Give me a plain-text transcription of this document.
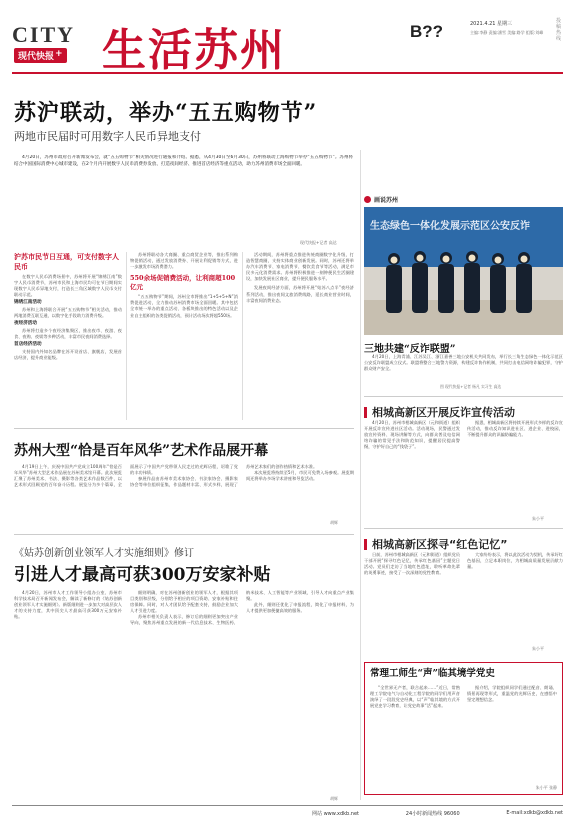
CITY
现代快报 + 生活苏州	B??	2021.4.21 星期三
主编:李静 责编:潘雪 美编:路学 组版:刘峰
投稿热线
苏沪联动，举办“五五购物节”
两地市民届时可用数字人民币异地支付

4月20日，苏州市政府召开新闻发布会，就“五五购物节”相关情况进行通报和介绍。据悉，从4月30日至6月30日，苏州将联动上海购物节举办“五五购物节”。苏州将结合中国国际消费中心城市建设，在2个月内开展数字人民币消费券发放、打造夜间经济、推进首店经济等重点活动，助力苏州消费市场全面回暖。

现代快报+记者 高达
沪苏市民节日互通，可支付数字人民币

在数字人民币消费场景中，苏州将开展“锦绣江南”数字人民币消费节，苏州市民和上海市民均可在节日期间实现数字人民币异地支付，打造长三角区域数字人民币支付联动示范。

锦绣江南活动

苏州和上海将联合开展“五五购物节”相关活动，推动两地消费互联互通，以数字化手段助力消费升级。

夜经济活动

苏州将打造多个夜经济集聚区，推出夜市、夜游、夜食、夜购、夜娱等多种活动，丰富市民夜间消费选择。

首店经济活动

支持国内外知名品牌在苏开设首店、旗舰店，发展首店经济，提升商业能级。

苏州将联动各大商圈、重点商贸企业等，推出系列购物促销活动，通过发放消费券、开展让利促销等方式，进一步激发市场消费潜力。

550余场促销费活动，让利商超100亿元

“五五购物节”期间，苏州全市将推出“1+5+5+N”消费促进活动，全力推动苏州消费市场全面回暖。其中包括全市统一举办的重点活动、各板块推出的特色活动以及企业自主组织的各类促销活动，预计活动场次将超550场。

活动期间，苏州将重点推进传统商圈数字化升级，打造智慧商圈，支持实体商业创新发展。同时，苏州还将举办汽车消费节、家电消费节、餐饮美食节等活动，满足市民多元化消费需求。苏州将积极推进一刻钟便民生活圈建设，加快发展社区商业，提升便民服务水平。

发展夜间经济方面，苏州将开展“姑苏八点半”夜经济系列活动，推出夜间文旅消费线路，延长商业营业时间，丰富夜间消费业态。

苏州大型“恰是百年风华”艺术作品展开幕

4月19日上午，庆祝中国共产党成立100周年“恰是百年风华”苏州大型艺术作品展在苏州美术馆开幕。此次展览汇聚了苏州美术、书法、摄影等各类艺术作品数百件，以艺术形式回顾党的百年奋斗历程。展览分为多个篇章，全面展示了中国共产党带领人民走过的光辉历程，讴歌了党的丰功伟绩。

参展作品由苏州市美术家协会、书法家协会、摄影家协会等单位组织征集，作品题材丰富、形式多样，展现了苏州艺术家们的创作热情和艺术水准。

本次展览将持续至5月，市民可免费入场参观。展览期间还将举办多场学术讲座和导览活动。

胡辉
《姑苏创新创业领军人才实施细则》修订
引进人才最高可获300万安家补贴

4月20日，苏州市人才工作领导小组办公室、苏州市科学技术局召开新闻发布会，解读了新修订的《姑苏创新创业领军人才实施细则》。新版细则进一步加大对高层次人才的支持力度，其中顶尖人才最高可获300万元安家补贴。

细则明确，对在苏州创新创业的领军人才，根据其项目类别和层级，分别给予相应的项目资助、安家补贴和住房保障。同时，对人才团队给予配套支持，鼓励企业加大人才引进力度。

苏州市相关负责人表示，修订后的细则更加突出产业导向，聚焦苏州重点发展的新一代信息技术、生物医药、纳米技术、人工智能等产业领域，引导人才向重点产业集聚。

此外，细则还优化了申报流程，简化了申报材料，为人才提供更加便捷高效的服务。

胡辉
画说苏州
生态绿色一体化发展示范区公安反诈
三地共建“反诈联盟”

4月20日，上海青浦、江苏吴江、浙江嘉善三地公安机关共同发布，举行长三角生态绿色一体化示范区公安反诈联盟成立仪式。联盟将整合三地警力资源，构建反诈协作机制，共同打击电信网络诈骗犯罪，守护群众财产安全。

图 现代快报+记者 杨凡 实习生 高达
相城高新区开展反诈宣传活动

4月20日，苏州市相城高新区（元和街道）组织开展反诈宣传进社区活动。活动现场，民警通过发放宣传资料、现场讲解等方式，向群众普及电信网络诈骗的常见手法和防范知识，提醒居民提高警惕，守护好自己的“钱袋子”。

据悉，相城高新区将持续开展形式多样的反诈宣传活动，推动反诈知识进社区、进企业、进校园，不断提升群众的识骗防骗能力。

朱小平
相城高新区探寻“红色记忆”

日前，苏州市相城高新区（元和街道）组织党员干部开展“探寻红色记忆，传承红色基因”主题党日活动。党员们走访了当地红色遗址，聆听革命先辈的英勇事迹，接受了一次深刻的党性教育。

大家纷纷表示，将以此次活动为契机，传承好红色基因，立足本职岗位，为相城高质量发展贡献力量。

朱小平
常理工师生“声”临其境学党史

“全世界无产者，联合起来……”近日，常熟理工学院电气与自动化工程学院的同学们用声音演绎了一段段党史经典，以“声”临其境的方式开展党史学习教育，让党史故事“活”起来。

据介绍，学院组织同学们通过配音、朗诵、情景再现等形式，重温党的光辉历史，在感悟中坚定理想信念。

朱小平 张静
网站 www.xdkb.net	24小时新闻热线 96060	E-mail:xdkb@xdkb.net
